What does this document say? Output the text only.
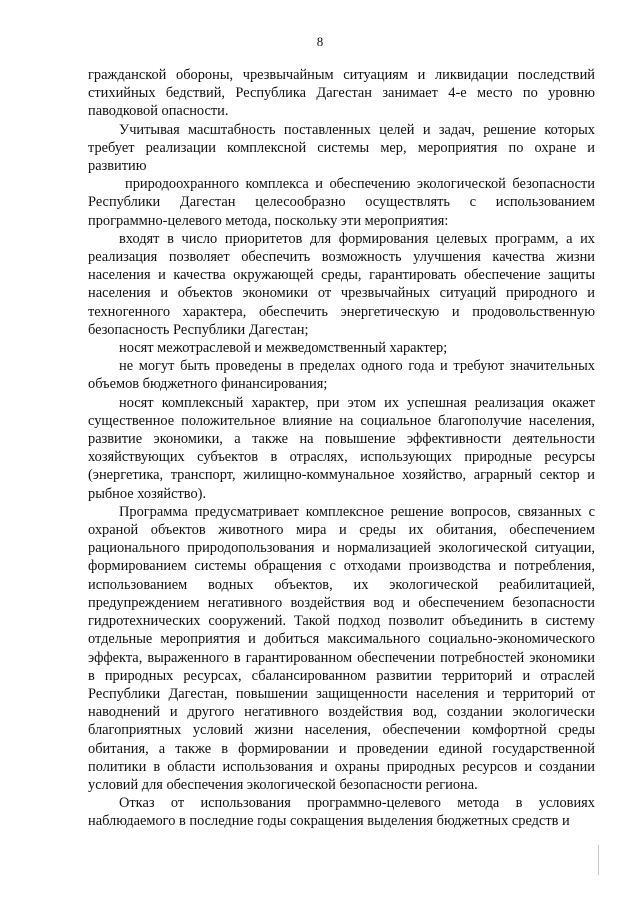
8

гражданской обороны, чрезвычайным ситуациям и ликвидации последствий стихийных бедствий, Республика Дагестан занимает 4-е место по уровню паводковой опасности.

Учитывая масштабность поставленных целей и задач, решение которых требует реализации комплексной системы мер, мероприятия по охране и развитию

природоохранного комплекса и обеспечению экологической безопасности Республики Дагестан целесообразно осуществлять с использованием программно-целевого метода, поскольку эти мероприятия:

входят в число приоритетов для формирования целевых программ, а их реализация позволяет обеспечить возможность улучшения качества жизни населения и качества окружающей среды, гарантировать обеспечение защиты населения и объектов экономики от чрезвычайных ситуаций природного и техногенного характера, обеспечить энергетическую и продовольственную безопасность Республики Дагестан;

носят межотраслевой и межведомственный характер;

не могут быть проведены в пределах одного года и требуют значительных объемов бюджетного финансирования;

носят комплексный характер, при этом их успешная реализация окажет существенное положительное влияние на социальное благополучие населения, развитие экономики, а также на повышение эффективности деятельности хозяйствующих субъектов в отраслях, использующих природные ресурсы (энергетика, транспорт, жилищно-коммунальное хозяйство, аграрный сектор и рыбное хозяйство).

Программа предусматривает комплексное решение вопросов, связанных с охраной объектов животного мира и среды их обитания, обеспечением рационального природопользования и нормализацией экологической ситуации, формированием системы обращения с отходами производства и потребления, использованием водных объектов, их экологической реабилитацией, предупреждением негативного воздействия вод и обеспечением безопасности гидротехнических сооружений. Такой подход позволит объединить в систему отдельные мероприятия и добиться максимального социально-экономического эффекта, выраженного в гарантированном обеспечении потребностей экономики в природных ресурсах, сбалансированном развитии территорий и отраслей Республики Дагестан, повышении защищенности населения и территорий от наводнений и другого негативного воздействия вод, создании экологически благоприятных условий жизни населения, обеспечении комфортной среды обитания, а также в формировании и проведении единой государственной политики в области использования и охраны природных ресурсов и создании условий для обеспечения экологической безопасности региона.

Отказ от использования программно-целевого метода в условиях наблюдаемого в последние годы сокращения выделения бюджетных средств и
